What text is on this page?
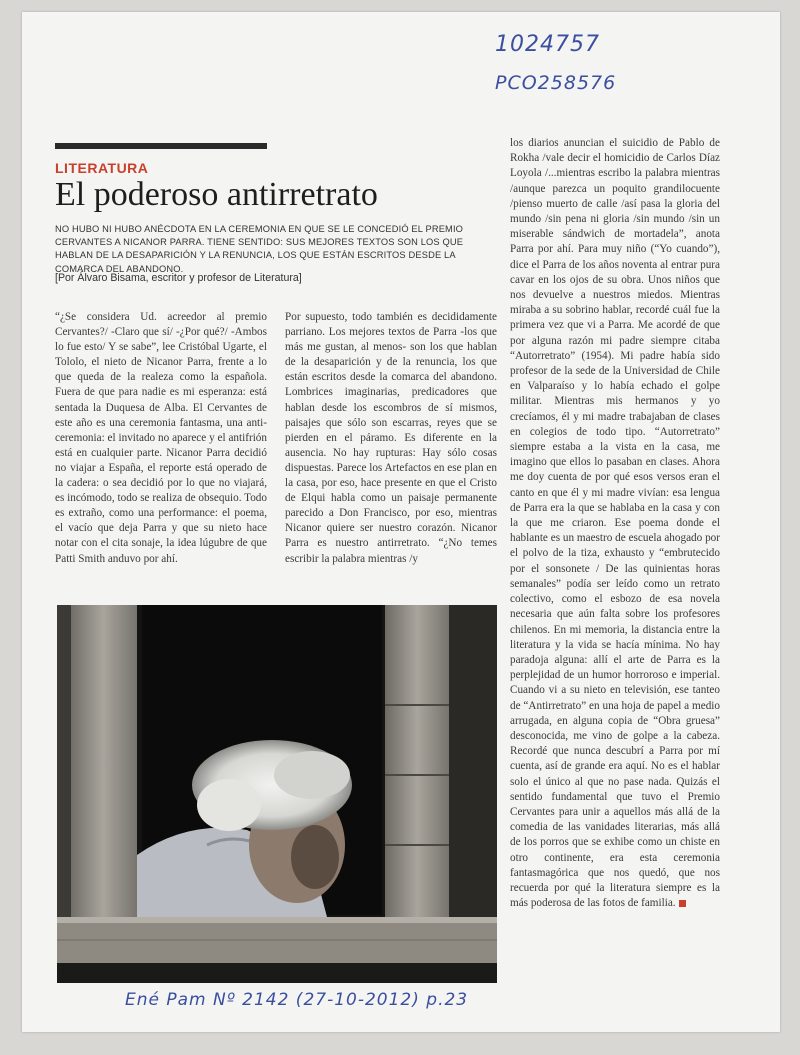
1024757
PCO258576
LITERATURA
El poderoso antirretrato

NO HUBO NI HUBO ANÉCDOTA EN LA CEREMONIA EN QUE SE LE CONCEDIÓ EL PREMIO CERVANTES A NICANOR PARRA. TIENE SENTIDO: SUS MEJORES TEXTOS SON LOS QUE HABLAN DE LA DESAPARICIÓN Y LA RENUNCIA, LOS QUE ESTÁN ESCRITOS DESDE LA COMARCA DEL ABANDONO.

[Por Álvaro Bisama, escritor y profesor de Literatura]

“¿Se considera Ud. acreedor al premio Cervantes?/ -Claro que sí/ -¿Por qué?/ -Ambos lo fue esto/ Y se sabe”, lee Cristóbal Ugarte, el Tololo, el nieto de Nicanor Parra, frente a lo que queda de la realeza como la española. Fuera de que para nadie es mi esperanza: está sentada la Duquesa de Alba. El Cervantes de este año es una ceremonia fantasma, una anti-ceremonia: el invitado no aparece y el antifrión está en cualquier parte. Nicanor Parra decidió no viajar a España, el reporte está operado de la cadera: o sea decidió por lo que no viajará, es incómodo, todo se realiza de obsequio. Todo es extraño, como una performance: el poema, el vacío que deja Parra y que su nieto hace notar con el cita sonaje, la idea lúgubre de que Patti Smith anduvo por ahí.

Por supuesto, todo también es decididamente parriano. Los mejores textos de Parra -los que más me gustan, al menos- son los que hablan de la desaparición y de la renuncia, los que están escritos desde la comarca del abandono. Lombrices imaginarias, predicadores que hablan desde los escombros de sí mismos, paisajes que sólo son escarras, reyes que se pierden en el páramo. Es diferente en la ausencia. No hay rupturas: Hay sólo cosas dispuestas. Parece los Artefactos en ese plan en la casa, por eso, hace presente en que el Cristo de Elqui habla como un paisaje permanente parecido a Don Francisco, por eso, mientras Nicanor quiere ser nuestro corazón. Nicanor Parra es nuestro antirretrato. “¿No temes escribir la palabra mientras /y

los diarios anuncian el suicidio de Pablo de Rokha /vale decir el homicidio de Carlos Díaz Loyola /...mientras escribo la palabra mientras /aunque parezca un poquito grandilocuente /pienso muerto de calle /así pasa la gloria del mundo /sin pena ni gloria /sin mundo /sin un miserable sándwich de mortadela”, anota Parra por ahí. Para muy niño (“Yo cuando”), dice el Parra de los años noventa al entrar pura cavar en los ojos de su obra. Unos niños que nos devuelve a nuestros miedos. Mientras miraba a su sobrino hablar, recordé cuál fue la primera vez que vi a Parra. Me acordé de que por alguna razón mi padre siempre citaba “Autorretrato” (1954). Mi padre había sido profesor de la sede de la Universidad de Chile en Valparaíso y lo había echado el golpe militar. Mientras mis hermanos y yo crecíamos, él y mi madre trabajaban de clases en colegios de todo tipo. “Autorretrato” siempre estaba a la vista en la casa, me imagino que ellos lo pasaban en clases. Ahora me doy cuenta de por qué esos versos eran el canto en que él y mi madre vivían: esa lengua de Parra era la que se hablaba en la casa y con la que me criaron. Ese poema donde el hablante es un maestro de escuela ahogado por el polvo de la tiza, exhausto y “embrutecido por el sonsonete / De las quinientas horas semanales” podía ser leído como un retrato colectivo, como el esbozo de esa novela necesaria que aún falta sobre los profesores chilenos. En mi memoria, la distancia entre la literatura y la vida se hacía mínima. No hay paradoja alguna: allí el arte de Parra es la perplejidad de un humor horroroso e imperial. Cuando vi a su nieto en televisión, ese tanteo de “Antirretrato” en una hoja de papel a medio arrugada, en alguna copia de “Obra gruesa” desconocida, me vino de golpe a la cabeza. Recordé que nunca descubrí a Parra por mí cuenta, así de grande era aquí. No es el hablar solo el único al que no pase nada. Quizás el sentido fundamental que tuvo el Premio Cervantes para unir a aquellos más allá de la comedia de las vanidades literarias, más allá de los porros que se exhibe como un chiste en otro continente, era esta ceremonia fantasmagórica que nos quedó, que nos recuerda por qué la literatura siempre es la más poderosa de las fotos de familia.
Ené Pam Nº 2142 (27-10-2012) p.23
